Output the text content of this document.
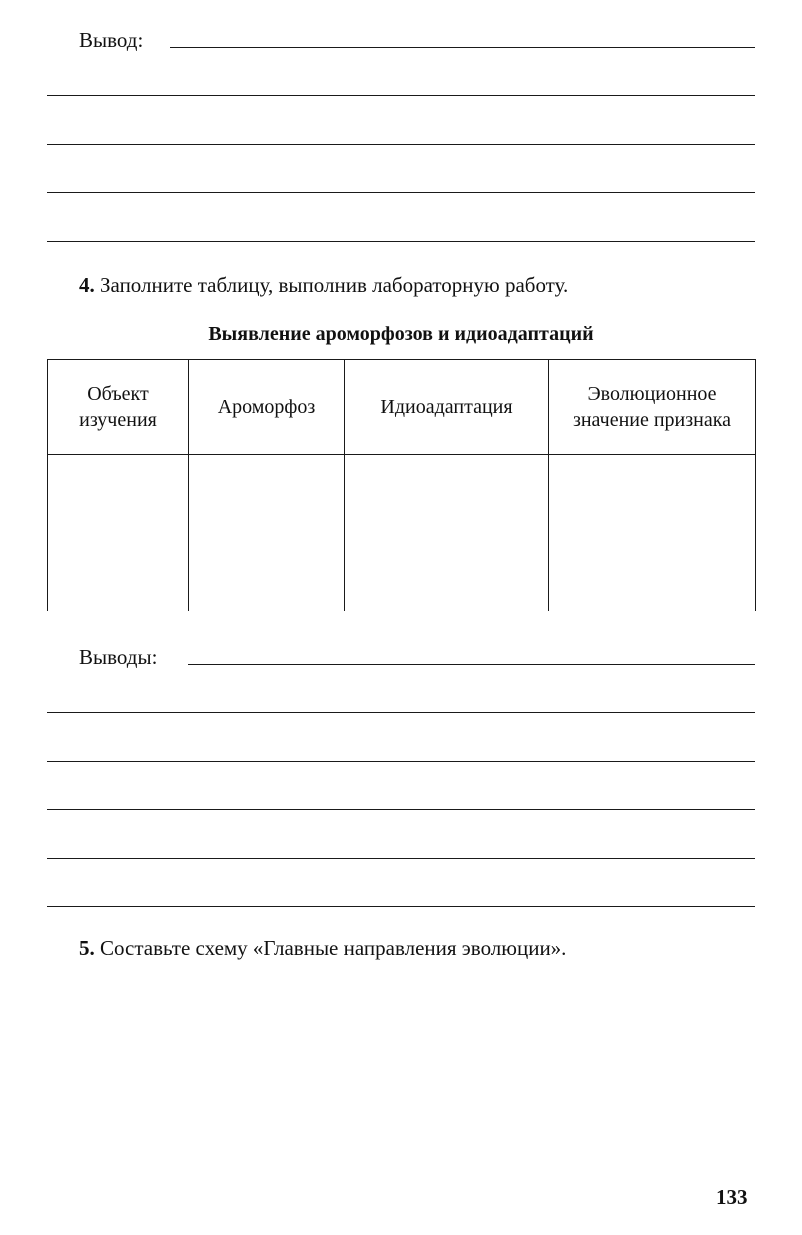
Вывод:
4. Заполните таблицу, выполнив лабораторную работу.
Выявление ароморфозов и идиоадаптаций
Объект изучения	Ароморфоз	Идиоадаптация	Эволюционное значение признака

Выводы:
5. Составьте схему «Главные направления эволюции».
133
